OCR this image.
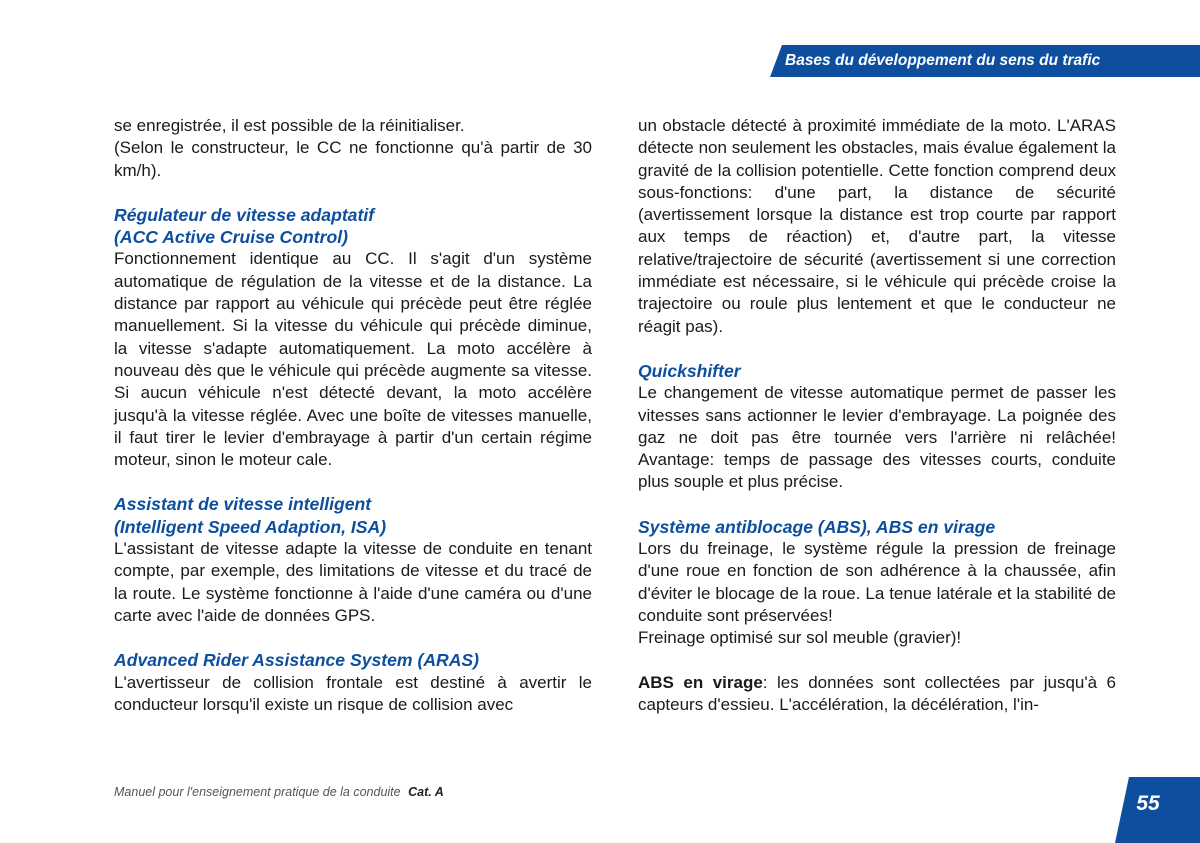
Bases du développement du sens du trafic

se enregistrée, il est possible de la réinitialiser.

(Selon le constructeur, le CC ne fonctionne qu'à partir de 30 km/h).

Régulateur de vitesse adaptatif
(ACC Active Cruise Control)

Fonctionnement identique au CC. Il s'agit d'un système automatique de régulation de la vitesse et de la distance. La distance par rapport au véhicule qui précède peut être réglée manuellement. Si la vitesse du véhicule qui précède diminue, la vitesse s'adapte automatiquement. La moto accélère à nouveau dès que le véhicule qui précède augmente sa vitesse. Si aucun véhicule n'est détecté devant, la moto accélère jusqu'à la vitesse réglée. Avec une boîte de vitesses manuelle, il faut tirer le levier d'embrayage à partir d'un certain régime moteur, sinon le moteur cale.

Assistant de vitesse intelligent
(Intelligent Speed Adaption, ISA)

L'assistant de vitesse adapte la vitesse de conduite en tenant compte, par exemple, des limitations de vitesse et du tracé de la route. Le système fonctionne à l'aide d'une caméra ou d'une carte avec l'aide de données GPS.

Advanced Rider Assistance System (ARAS)

L'avertisseur de collision frontale est destiné à avertir le conducteur lorsqu'il existe un risque de collision avec

un obstacle détecté à proximité immédiate de la moto. L'ARAS détecte non seulement les obstacles, mais évalue également la gravité de la collision potentielle. Cette fonction comprend deux sous-fonctions: d'une part, la distance de sécurité (avertissement lorsque la distance est trop courte par rapport aux temps de réaction) et, d'autre part, la vitesse relative/trajectoire de sécurité (avertissement si une correction immédiate est nécessaire, si le véhicule qui précède croise la trajectoire ou roule plus lentement et que le conducteur ne réagit pas).

Quickshifter

Le changement de vitesse automatique permet de passer les vitesses sans actionner le levier d'embrayage. La poignée des gaz ne doit pas être tournée vers l'arrière ni relâchée! Avantage: temps de passage des vitesses courts, conduite plus souple et plus précise.

Système antiblocage (ABS), ABS en virage

Lors du freinage, le système régule la pression de freinage d'une roue en fonction de son adhérence à la chaussée, afin d'éviter le blocage de la roue. La tenue latérale et la stabilité de conduite sont préservées!

Freinage optimisé sur sol meuble (gravier)!

ABS en virage: les données sont collectées par jusqu'à 6 capteurs d'essieu. L'accélération, la décélération, l'in-

Manuel pour l'enseignement pratique de la conduite Cat. A	55
